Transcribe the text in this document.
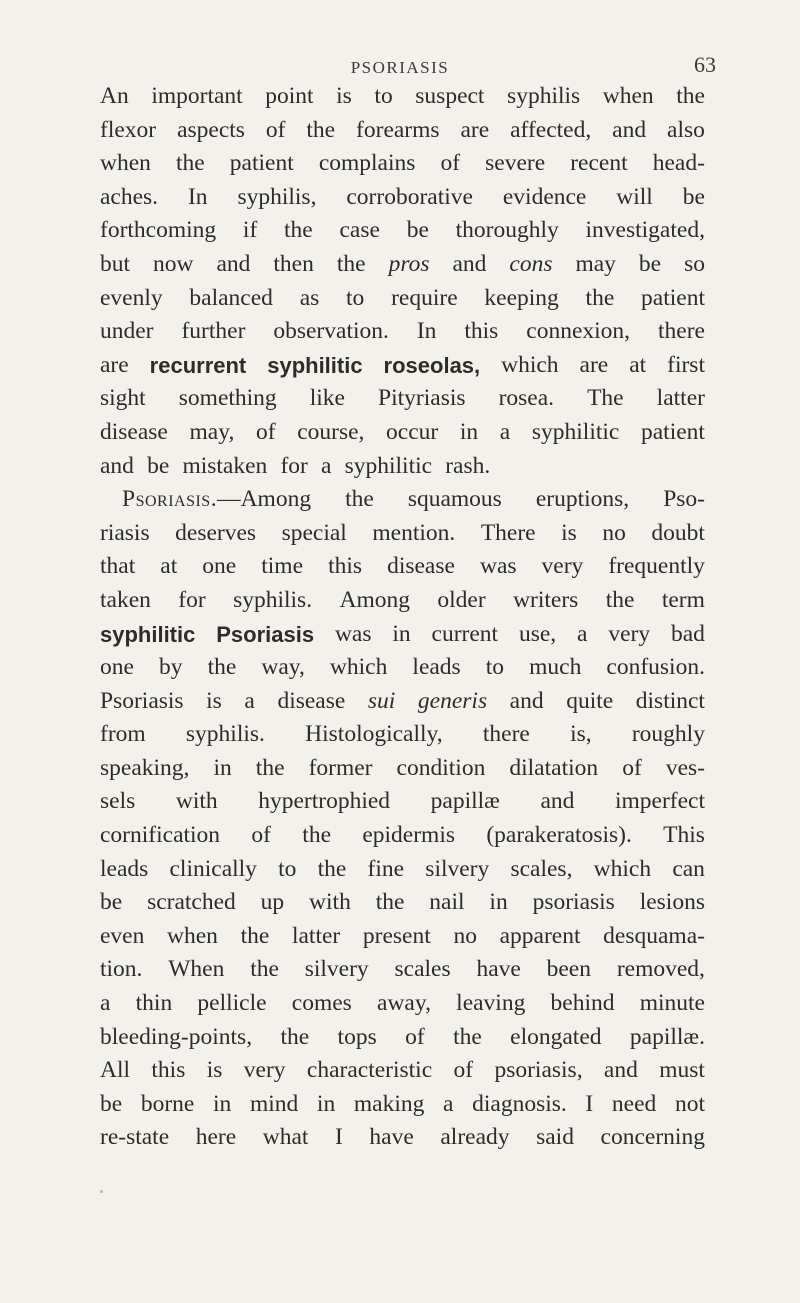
PSORIASIS	63
An important point is to suspect syphilis when the
flexor aspects of the forearms are affected, and also
when the patient complains of severe recent head-
aches. In syphilis, corroborative evidence will be
forthcoming if the case be thoroughly investigated,
but now and then the pros and cons may be so
evenly balanced as to require keeping the patient
under further observation. In this connexion, there
are recurrent syphilitic roseolas, which are at first
sight something like Pityriasis rosea. The latter
disease may, of course, occur in a syphilitic patient
and be mistaken for a syphilitic rash.
Psoriasis.—Among the squamous eruptions, Pso-
riasis deserves special mention. There is no doubt
that at one time this disease was very frequently
taken for syphilis. Among older writers the term
syphilitic Psoriasis was in current use, a very bad
one by the way, which leads to much confusion.
Psoriasis is a disease sui generis and quite distinct
from syphilis. Histologically, there is, roughly
speaking, in the former condition dilatation of ves-
sels with hypertrophied papillæ and imperfect
cornification of the epidermis (parakeratosis). This
leads clinically to the fine silvery scales, which can
be scratched up with the nail in psoriasis lesions
even when the latter present no apparent desquama-
tion. When the silvery scales have been removed,
a thin pellicle comes away, leaving behind minute
bleeding-points, the tops of the elongated papillæ.
All this is very characteristic of psoriasis, and must
be borne in mind in making a diagnosis. I need not
re-state here what I have already said concerning
